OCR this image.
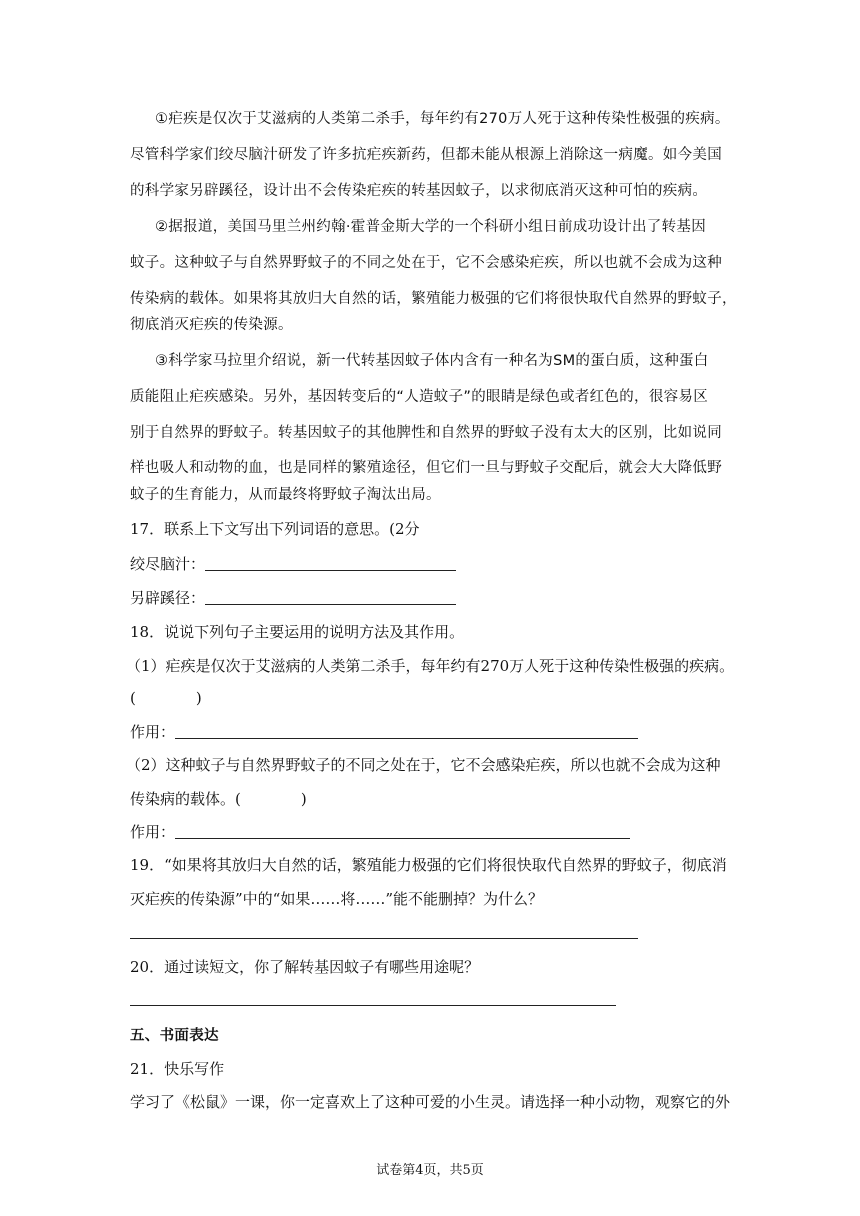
①疟疾是仅次于艾滋病的人类第二杀手，每年约有270万人死于这种传染性极强的疾病。
尽管科学家们绞尽脑汁研发了许多抗疟疾新药，但都未能从根源上消除这一病魔。如今美国
的科学家另辟蹊径，设计出不会传染疟疾的转基因蚊子，以求彻底消灭这种可怕的疾病。
②据报道，美国马里兰州约翰·霍普金斯大学的一个科研小组日前成功设计出了转基因
蚊子。这种蚊子与自然界野蚊子的不同之处在于，它不会感染疟疾，所以也就不会成为这种
传染病的载体。如果将其放归大自然的话，繁殖能力极强的它们将很快取代自然界的野蚊子，
彻底消灭疟疾的传染源。
③科学家马拉里介绍说，新一代转基因蚊子体内含有一种名为SM的蛋白质，这种蛋白
质能阻止疟疾感染。另外，基因转变后的“人造蚊子”的眼睛是绿色或者红色的，很容易区
别于自然界的野蚊子。转基因蚊子的其他脾性和自然界的野蚊子没有太大的区别，比如说同
样也吸人和动物的血，也是同样的繁殖途径，但它们一旦与野蚊子交配后，就会大大降低野
蚊子的生育能力，从而最终将野蚊子淘汰出局。
17．联系上下文写出下列词语的意思。(2分
绞尽脑汁：
另辟蹊径：
18．说说下列句子主要运用的说明方法及其作用。
（1）疟疾是仅次于艾滋病的人类第二杀手，每年约有270万人死于这种传染性极强的疾病。
(　　　　)
作用：
（2）这种蚊子与自然界野蚊子的不同之处在于，它不会感染疟疾，所以也就不会成为这种
传染病的载体。(　　　　)
作用：
19．“如果将其放归大自然的话，繁殖能力极强的它们将很快取代自然界的野蚊子，彻底消
灭疟疾的传染源”中的“如果……将……”能不能删掉？为什么？
20．通过读短文，你了解转基因蚊子有哪些用途呢？
五、书面表达
21．快乐写作
学习了《松鼠》一课，你一定喜欢上了这种可爱的小生灵。请选择一种小动物，观察它的外
试卷第4页，共5页
